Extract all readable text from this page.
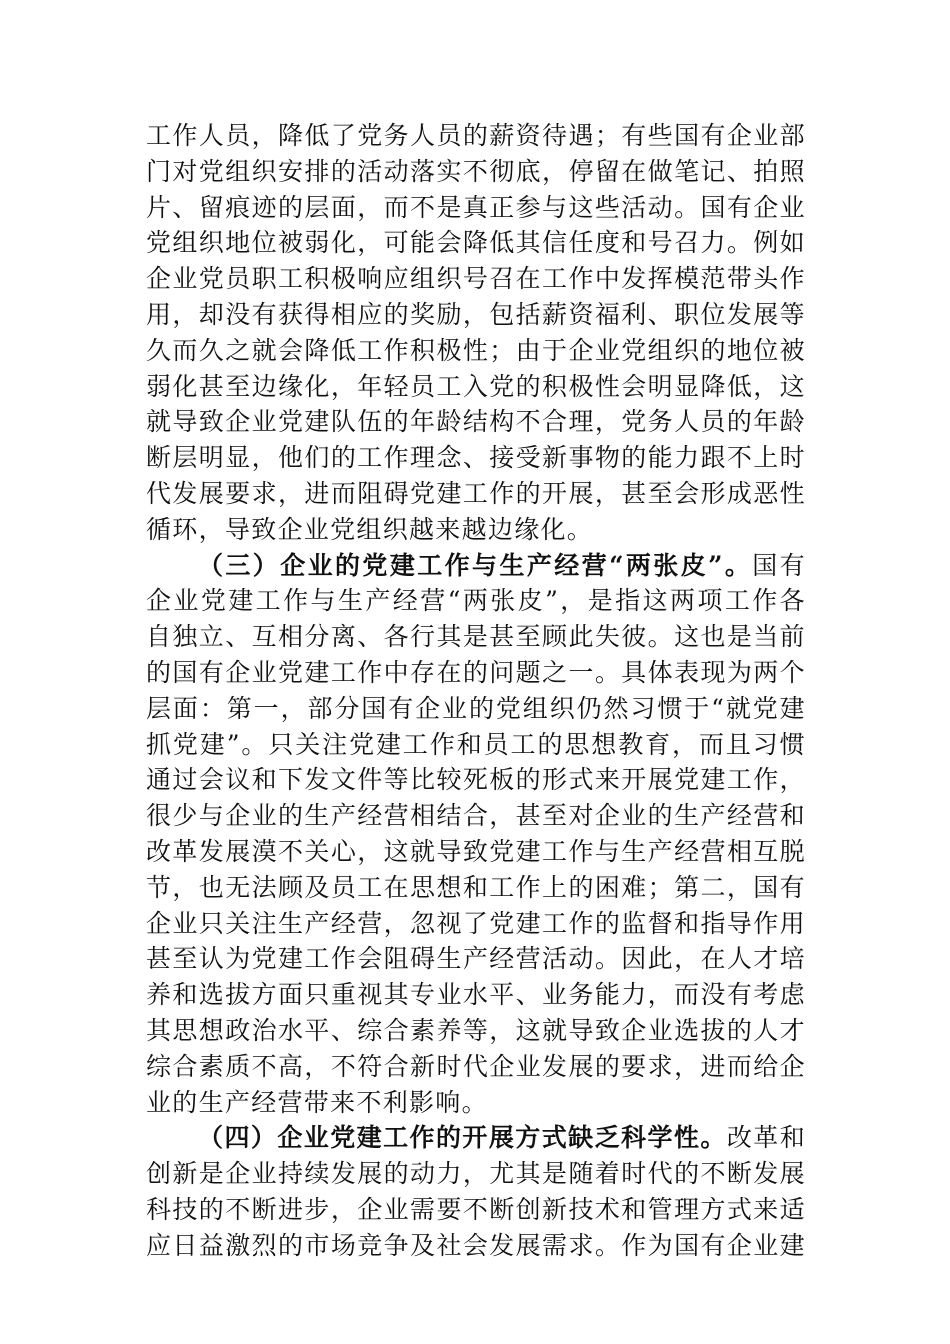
工作人员，降低了党务人员的薪资待遇；有些国有企业部
门对党组织安排的活动落实不彻底，停留在做笔记、拍照
片、留痕迹的层面，而不是真正参与这些活动。国有企业
党组织地位被弱化，可能会降低其信任度和号召力。例如
企业党员职工积极响应组织号召在工作中发挥模范带头作
用，却没有获得相应的奖励，包括薪资福利、职位发展等
久而久之就会降低工作积极性；由于企业党组织的地位被
弱化甚至边缘化，年轻员工入党的积极性会明显降低，这
就导致企业党建队伍的年龄结构不合理，党务人员的年龄
断层明显，他们的工作理念、接受新事物的能力跟不上时
代发展要求，进而阻碍党建工作的开展，甚至会形成恶性
循环，导致企业党组织越来越边缘化。
（三）企业的党建工作与生产经营“两张皮”。国有
企业党建工作与生产经营“两张皮”，是指这两项工作各
自独立、互相分离、各行其是甚至顾此失彼。这也是当前
的国有企业党建工作中存在的问题之一。具体表现为两个
层面：第一，部分国有企业的党组织仍然习惯于“就党建
抓党建”。只关注党建工作和员工的思想教育，而且习惯
通过会议和下发文件等比较死板的形式来开展党建工作，
很少与企业的生产经营相结合，甚至对企业的生产经营和
改革发展漠不关心，这就导致党建工作与生产经营相互脱
节，也无法顾及员工在思想和工作上的困难；第二，国有
企业只关注生产经营，忽视了党建工作的监督和指导作用
甚至认为党建工作会阻碍生产经营活动。因此，在人才培
养和选拔方面只重视其专业水平、业务能力，而没有考虑
其思想政治水平、综合素养等，这就导致企业选拔的人才
综合素质不高，不符合新时代企业发展的要求，进而给企
业的生产经营带来不利影响。
（四）企业党建工作的开展方式缺乏科学性。改革和
创新是企业持续发展的动力，尤其是随着时代的不断发展
科技的不断进步，企业需要不断创新技术和管理方式来适
应日益激烈的市场竞争及社会发展需求。作为国有企业建
